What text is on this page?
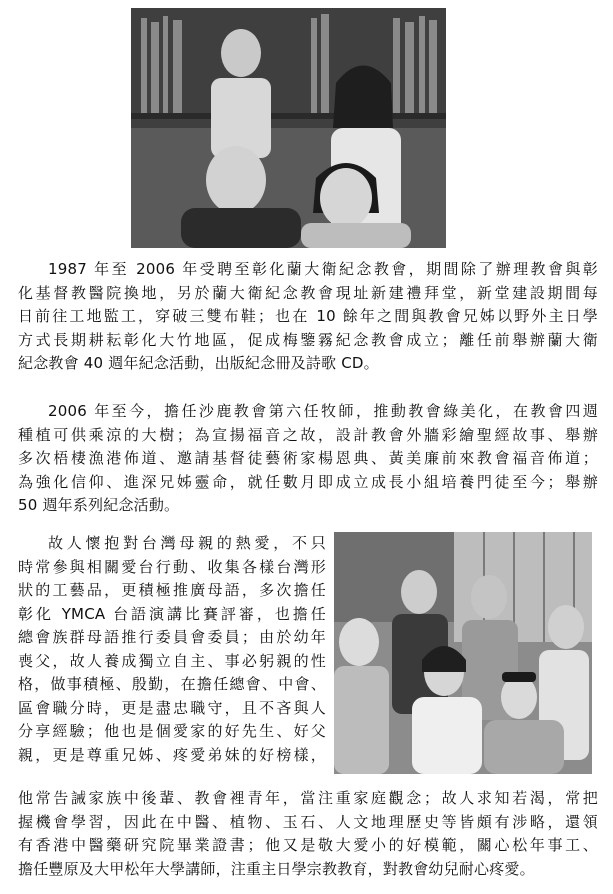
1987 年至 2006 年受聘至彰化蘭大衛紀念教會，期間除了辦理教會與彰
化基督教醫院換地，另於蘭大衛紀念教會現址新建禮拜堂，新堂建設期間每
日前往工地監工，穿破三雙布鞋；也在 10 餘年之間與教會兄姊以野外主日學
方式長期耕耘彰化大竹地區，促成梅鑒霧紀念教會成立；離任前舉辦蘭大衛
紀念教會 40 週年紀念活動，出版紀念冊及詩歌 CD。

2006 年至今，擔任沙鹿教會第六任牧師，推動教會綠美化，在教會四週
種植可供乘涼的大樹；為宣揚福音之故，設計教會外牆彩繪聖經故事、舉辦
多次梧棲漁港佈道、邀請基督徒藝術家楊恩典、黃美廉前來教會福音佈道；
為強化信仰、進深兄姊靈命，就任數月即成立成長小組培養門徒至今；舉辦
50 週年系列紀念活動。

故人懷抱對台灣母親的熱愛，不只
時常參與相關愛台行動、收集各樣台灣形
狀的工藝品，更積極推廣母語，多次擔任
彰化 YMCA 台語演講比賽評審，也擔任
總會族群母語推行委員會委員；由於幼年
喪父，故人養成獨立自主、事必躬親的性
格，做事積極、殷勤，在擔任總會、中會、
區會職分時，更是盡忠職守，且不吝與人
分享經驗；他也是個愛家的好先生、好父
親，更是尊重兄姊、疼愛弟妹的好榜樣，

他常告誡家族中後輩、教會裡青年，當注重家庭觀念；故人求知若渴，常把
握機會學習，因此在中醫、植物、玉石、人文地理歷史等皆頗有涉略，還領
有香港中醫藥研究院畢業證書；他又是敬大愛小的好模範，關心松年事工、
擔任豐原及大甲松年大學講師，注重主日學宗教教育，對教會幼兒耐心疼愛。
